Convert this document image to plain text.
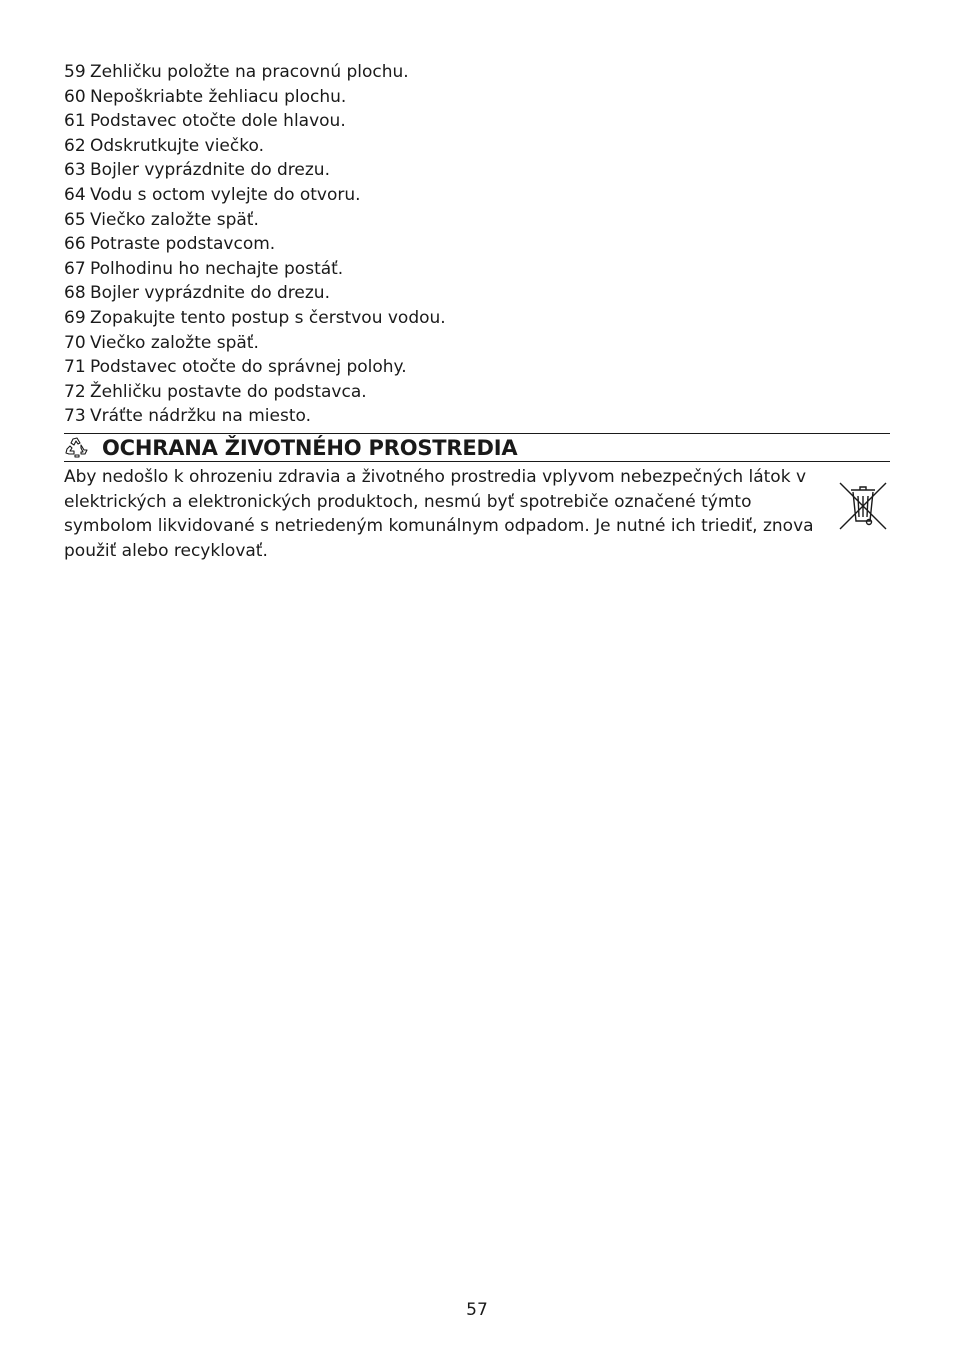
59 Zehličku položte na pracovnú plochu.
60 Nepoškriabte žehliacu plochu.
61 Podstavec otočte dole hlavou.
62 Odskrutkujte viečko.
63 Bojler vyprázdnite do drezu.
64 Vodu s octom vylejte do otvoru.
65 Viečko založte späť.
66 Potraste podstavcom.
67 Polhodinu ho nechajte postáť.
68 Bojler vyprázdnite do drezu.
69 Zopakujte tento postup s čerstvou vodou.
70 Viečko založte späť.
71 Podstavec otočte do správnej polohy.
72 Žehličku postavte do podstavca.
73 Vráťte nádržku na miesto.
OCHRANA ŽIVOTNÉHO PROSTREDIA

Aby nedošlo k ohrozeniu zdravia a životného prostredia vplyvom nebezpečných látok v elektrických a elektronických produktoch, nesmú byť spotrebiče označené týmto symbolom likvidované s netriedeným komunálnym odpadom. Je nutné ich triediť, znova použiť alebo recyklovať.

57
